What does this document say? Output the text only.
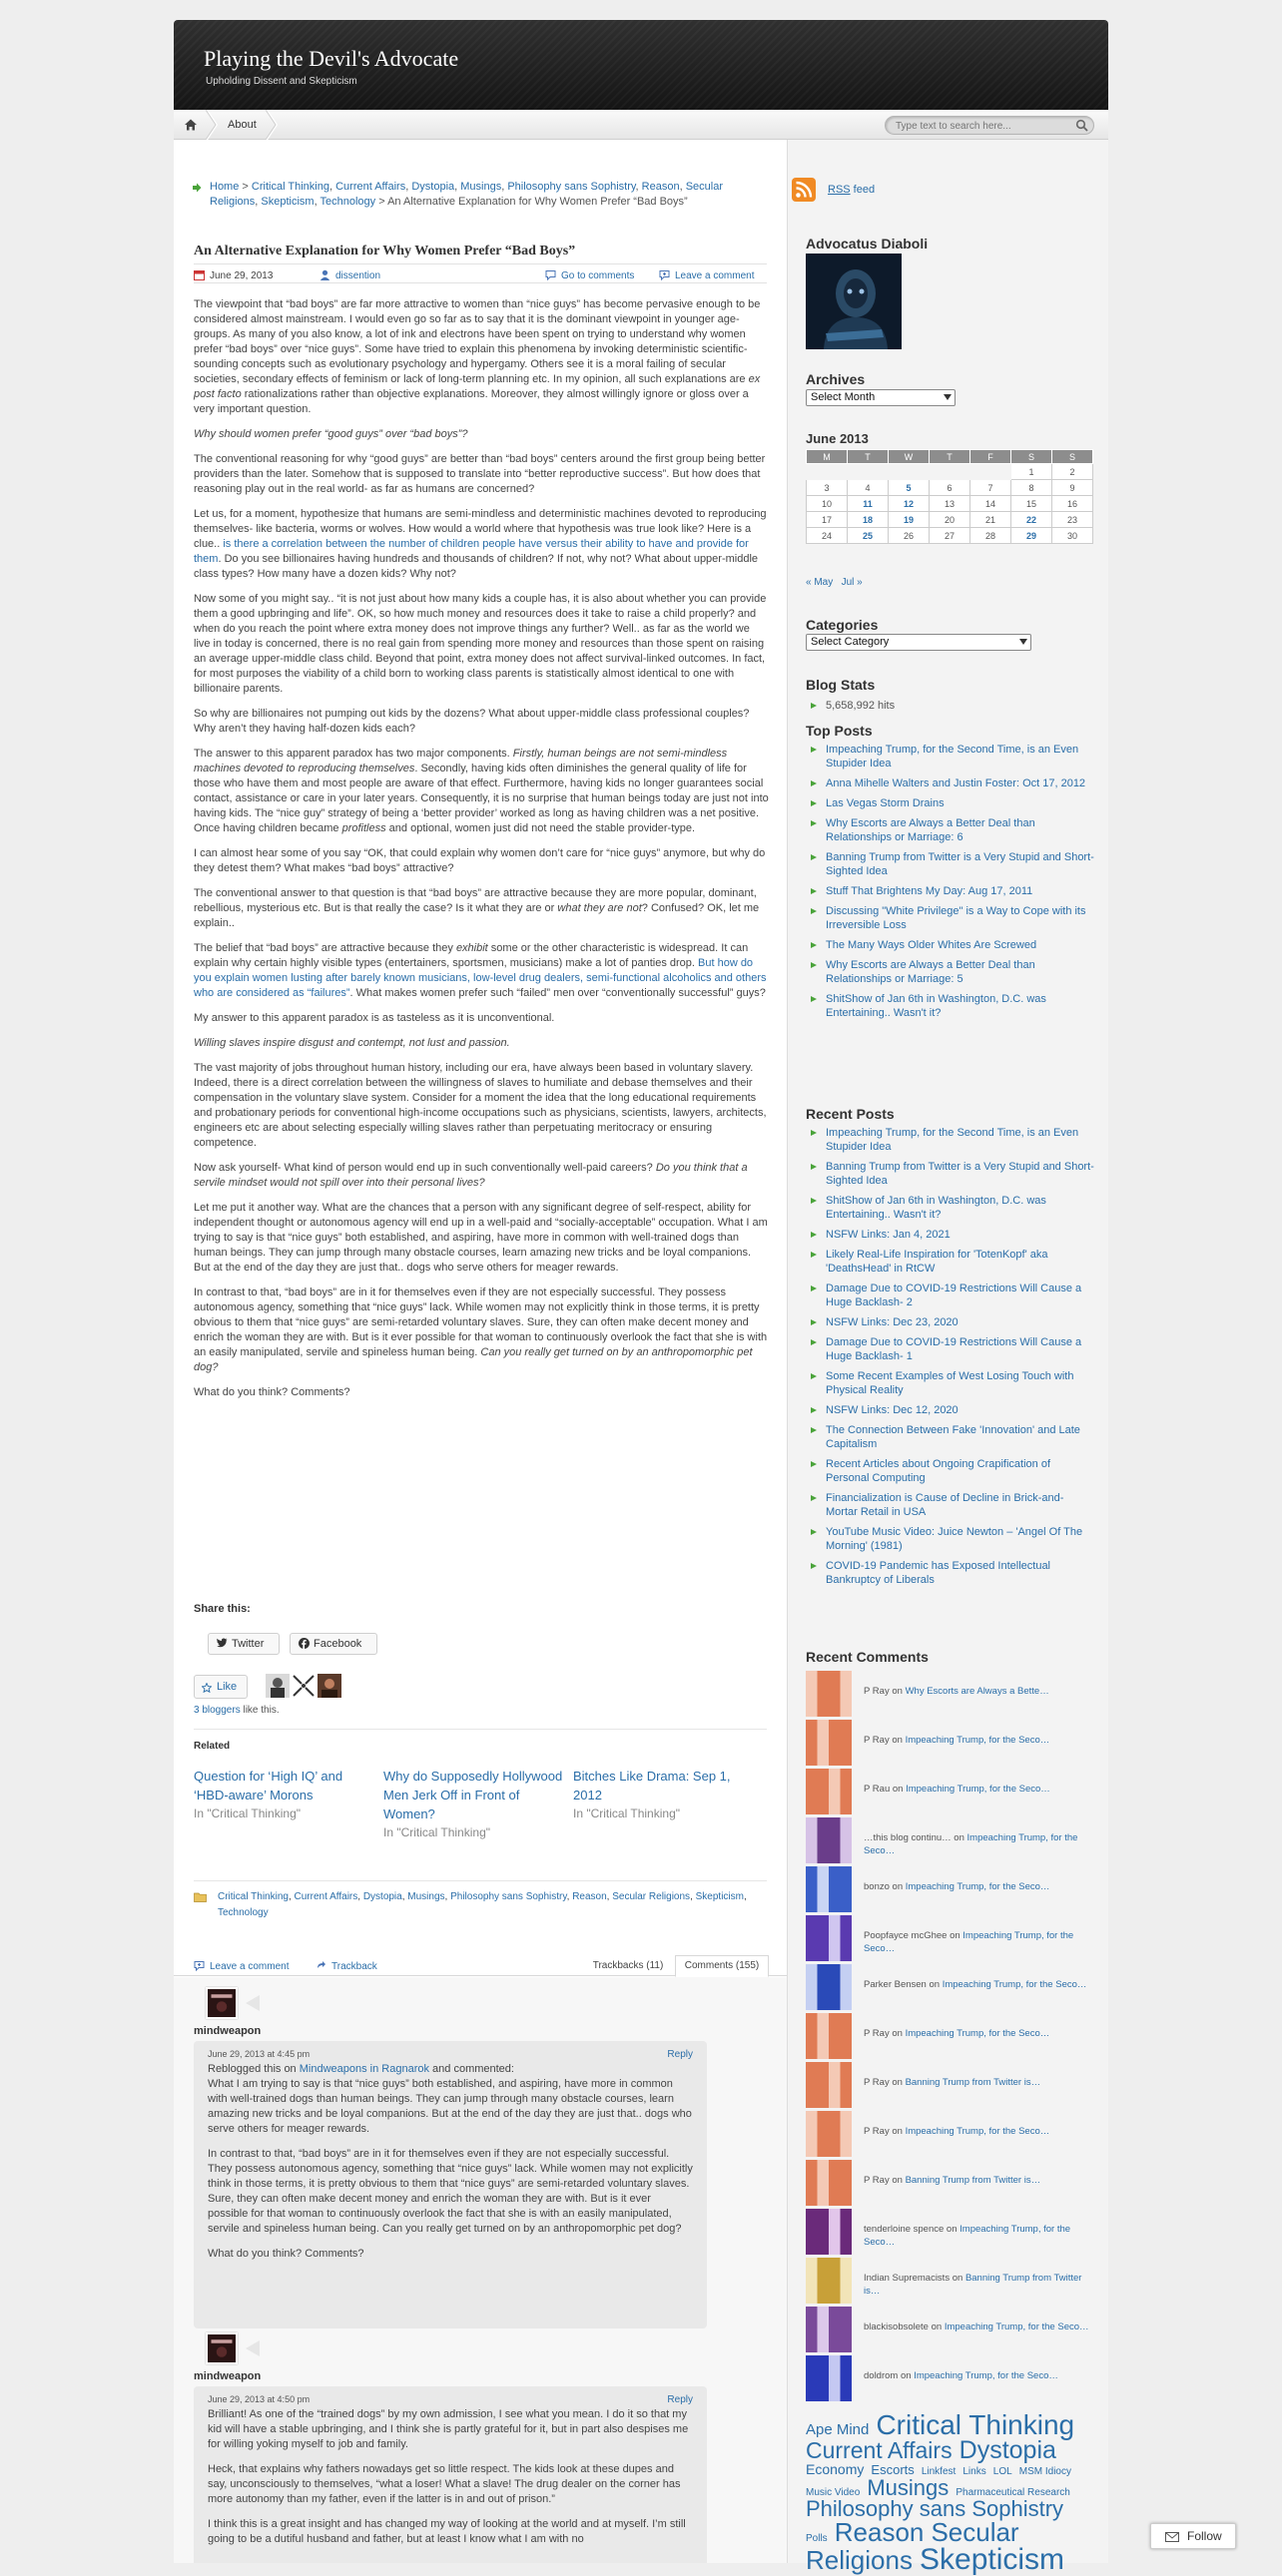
Playing the Devil's Advocate
Upholding Dissent and Skepticism
About
Type text to search here...
Home > Critical Thinking, Current Affairs, Dystopia, Musings, Philosophy sans Sophistry, Reason, Secular Religions, Skepticism, Technology > An Alternative Explanation for Why Women Prefer “Bad Boys”
An Alternative Explanation for Why Women Prefer “Bad Boys”
June 29, 2013	dissention	Go to comments	Leave a comment

The viewpoint that “bad boys” are far more attractive to women than “nice guys” has become pervasive enough to be considered almost mainstream. I would even go so far as to say that it is the dominant viewpoint in younger age-groups. As many of you also know, a lot of ink and electrons have been spent on trying to understand why women prefer “bad boys” over “nice guys”. Some have tried to explain this phenomena by invoking deterministic scientific-sounding concepts such as evolutionary psychology and hypergamy. Others see it is a moral failing of secular societies, secondary effects of feminism or lack of long-term planning etc. In my opinion, all such explanations are ex post facto rationalizations rather than objective explanations. Moreover, they almost willingly ignore or gloss over a very important question.

Why should women prefer “good guys” over “bad boys”?

The conventional reasoning for why “good guys” are better than “bad boys” centers around the first group being better providers than the later. Somehow that is supposed to translate into “better reproductive success”. But how does that reasoning play out in the real world- as far as humans are concerned?

Let us, for a moment, hypothesize that humans are semi-mindless and deterministic machines devoted to reproducing themselves- like bacteria, worms or wolves. How would a world where that hypothesis was true look like? Here is a clue.. is there a correlation between the number of children people have versus their ability to have and provide for them. Do you see billionaires having hundreds and thousands of children? If not, why not? What about upper-middle class types? How many have a dozen kids? Why not?

Now some of you might say.. “it is not just about how many kids a couple has, it is also about whether you can provide them a good upbringing and life”. OK, so how much money and resources does it take to raise a child properly? and when do you reach the point where extra money does not improve things any further? Well.. as far as the world we live in today is concerned, there is no real gain from spending more money and resources than those spent on raising an average upper-middle class child. Beyond that point, extra money does not affect survival-linked outcomes. In fact, for most purposes the viability of a child born to working class parents is statistically almost identical to one with billionaire parents.

So why are billionaires not pumping out kids by the dozens? What about upper-middle class professional couples? Why aren’t they having half-dozen kids each?

The answer to this apparent paradox has two major components. Firstly, human beings are not semi-mindless machines devoted to reproducing themselves. Secondly, having kids often diminishes the general quality of life for those who have them and most people are aware of that effect. Furthermore, having kids no longer guarantees social contact, assistance or care in your later years. Consequently, it is no surprise that human beings today are just not into having kids. The “nice guy” strategy of being a ‘better provider’ worked as long as having children was a net positive. Once having children became profitless and optional, women just did not need the stable provider-type.

I can almost hear some of you say “OK, that could explain why women don’t care for “nice guys” anymore, but why do they detest them? What makes “bad boys” attractive?

The conventional answer to that question is that “bad boys” are attractive because they are more popular, dominant, rebellious, mysterious etc. But is that really the case? Is it what they are or what they are not? Confused? OK, let me explain..

The belief that “bad boys” are attractive because they exhibit some or the other characteristic is widespread. It can explain why certain highly visible types (entertainers, sportsmen, musicians) make a lot of panties drop. But how do you explain women lusting after barely known musicians, low-level drug dealers, semi-functional alcoholics and others who are considered as “failures”. What makes women prefer such “failed” men over “conventionally successful” guys?

My answer to this apparent paradox is as tasteless as it is unconventional.

Willing slaves inspire disgust and contempt, not lust and passion.

The vast majority of jobs throughout human history, including our era, have always been based in voluntary slavery. Indeed, there is a direct correlation between the willingness of slaves to humiliate and debase themselves and their compensation in the voluntary slave system. Consider for a moment the idea that the long educational requirements and probationary periods for conventional high-income occupations such as physicians, scientists, lawyers, architects, engineers etc are about selecting especially willing slaves rather than perpetuating meritocracy or ensuring competence.

Now ask yourself- What kind of person would end up in such conventionally well-paid careers? Do you think that a servile mindset would not spill over into their personal lives?

Let me put it another way. What are the chances that a person with any significant degree of self-respect, ability for independent thought or autonomous agency will end up in a well-paid and “socially-acceptable” occupation. What I am trying to say is that “nice guys” both established, and aspiring, have more in common with well-trained dogs than human beings. They can jump through many obstacle courses, learn amazing new tricks and be loyal companions. But at the end of the day they are just that.. dogs who serve others for meager rewards.

In contrast to that, “bad boys” are in it for themselves even if they are not especially successful. They possess autonomous agency, something that “nice guys” lack. While women may not explicitly think in those terms, it is pretty obvious to them that “nice guys” are semi-retarded voluntary slaves. Sure, they can often make decent money and enrich the woman they are with. But is it ever possible for that woman to continuously overlook the fact that she is with an easily manipulated, servile and spineless human being. Can you really get turned on by an anthropomorphic pet dog?

What do you think? Comments?

Share this:
Twitter	Facebook
Like
3 bloggers like this.
Related
Question for ‘High IQ’ and ‘HBD-aware’ Morons
In "Critical Thinking"
Why do Supposedly Hollywood Men Jerk Off in Front of Women?
In "Critical Thinking"
Bitches Like Drama: Sep 1, 2012
In "Critical Thinking"
Critical Thinking, Current Affairs, Dystopia, Musings, Philosophy sans Sophistry, Reason, Secular Religions, Skepticism, Technology
Leave a comment	Trackback	Trackbacks (11)	Comments (155)
mindweapon
June 29, 2013 at 4:45 pm	Reply
Reblogged this on Mindweapons in Ragnarok and commented:

What I am trying to say is that “nice guys” both established, and aspiring, have more in common with well-trained dogs than human beings. They can jump through many obstacle courses, learn amazing new tricks and be loyal companions. But at the end of the day they are just that.. dogs who serve others for meager rewards.

In contrast to that, “bad boys” are in it for themselves even if they are not especially successful. They possess autonomous agency, something that “nice guys” lack. While women may not explicitly think in those terms, it is pretty obvious to them that “nice guys” are semi-retarded voluntary slaves. Sure, they can often make decent money and enrich the woman they are with. But is it ever possible for that woman to continuously overlook the fact that she is with an easily manipulated, servile and spineless human being. Can you really get turned on by an anthropomorphic pet dog?

What do you think? Comments?

mindweapon
June 29, 2013 at 4:50 pm	Reply

Brilliant! As one of the “trained dogs” by my own admission, I see what you mean. I do it so that my kid will have a stable upbringing, and I think she is partly grateful for it, but in part also despises me for willing yoking myself to job and family.

Heck, that explains why fathers nowadays get so little respect. The kids look at these dupes and say, unconsciously to themselves, “what a loser! What a slave! The drug dealer on the corner has more autonomy than my father, even if the latter is in and out of prison.”

I think this is a great insight and has changed my way of looking at the world and at myself. I’m still going to be a dutiful husband and father, but at least I know what I am with no

RSS feed
Advocatus Diaboli
Archives
Select Month
June 2013
M	T	W	T	F	S	S
					1	2
3	4	5	6	7	8	9
10	11	12	13	14	15	16
17	18	19	20	21	22	23
24	25	26	27	28	29	30
« May Jul »
Categories
Select Category
Blog Stats
5,658,992 hits
Top Posts
Impeaching Trump, for the Second Time, is an Even Stupider Idea
Anna Mihelle Walters and Justin Foster: Oct 17, 2012
Las Vegas Storm Drains
Why Escorts are Always a Better Deal than Relationships or Marriage: 6
Banning Trump from Twitter is a Very Stupid and Short-Sighted Idea
Stuff That Brightens My Day: Aug 17, 2011
Discussing "White Privilege" is a Way to Cope with its Irreversible Loss
The Many Ways Older Whites Are Screwed
Why Escorts are Always a Better Deal than Relationships or Marriage: 5
ShitShow of Jan 6th in Washington, D.C. was Entertaining.. Wasn't it?
Recent Posts
Impeaching Trump, for the Second Time, is an Even Stupider Idea
Banning Trump from Twitter is a Very Stupid and Short-Sighted Idea
ShitShow of Jan 6th in Washington, D.C. was Entertaining.. Wasn't it?
NSFW Links: Jan 4, 2021
Likely Real-Life Inspiration for 'TotenKopf' aka 'DeathsHead' in RtCW
Damage Due to COVID-19 Restrictions Will Cause a Huge Backlash- 2
NSFW Links: Dec 23, 2020
Damage Due to COVID-19 Restrictions Will Cause a Huge Backlash- 1
Some Recent Examples of West Losing Touch with Physical Reality
NSFW Links: Dec 12, 2020
The Connection Between Fake 'Innovation' and Late Capitalism
Recent Articles about Ongoing Crapification of Personal Computing
Financialization is Cause of Decline in Brick-and-Mortar Retail in USA
YouTube Music Video: Juice Newton – 'Angel Of The Morning' (1981)
COVID-19 Pandemic has Exposed Intellectual Bankruptcy of Liberals
Recent Comments
P Ray on Why Escorts are Always a Bette…
P Ray on Impeaching Trump, for the Seco…
P Rau on Impeaching Trump, for the Seco…
…this blog continu… on Impeaching Trump, for the Seco…
bonzo on Impeaching Trump, for the Seco…
Poopfayce mcGhee on Impeaching Trump, for the Seco…
Parker Bensen on Impeaching Trump, for the Seco…
P Ray on Impeaching Trump, for the Seco…
P Ray on Banning Trump from Twitter is…
P Ray on Impeaching Trump, for the Seco…
P Ray on Banning Trump from Twitter is…
tenderloine spence on Impeaching Trump, for the Seco…
Indian Supremacists on Banning Trump from Twitter is…
blackisobsolete on Impeaching Trump, for the Seco…
doldrom on Impeaching Trump, for the Seco…
Ape Mind Critical Thinking Current Affairs Dystopia Economy Escorts Linkfest Links LOL MSM Idiocy Music Video Musings Pharmaceutical Research Philosophy sans Sophistry Polls Reason Secular Religions Skepticism
Follow
